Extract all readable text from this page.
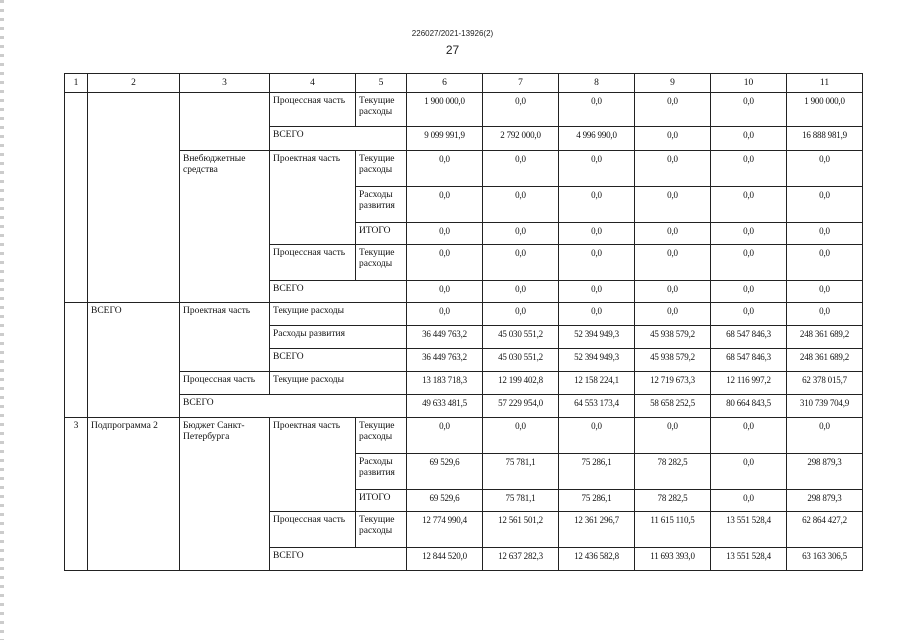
226027/2021-13926(2)
27
1	2	3	4	5	6	7	8	9	10	11
			Процессная часть	Текущие расходы	1 900 000,0	0,0	0,0	0,0	0,0	1 900 000,0
			ВСЕГО		9 099 991,9	2 792 000,0	4 996 990,0	0,0	0,0	16 888 981,9
		Внебюджетные средства	Проектная часть	Текущие расходы	0,0	0,0	0,0	0,0	0,0	0,0
				Расходы развития	0,0	0,0	0,0	0,0	0,0	0,0
				ИТОГО	0,0	0,0	0,0	0,0	0,0	0,0
			Процессная часть	Текущие расходы	0,0	0,0	0,0	0,0	0,0	0,0
			ВСЕГО		0,0	0,0	0,0	0,0	0,0	0,0
	ВСЕГО	Проектная часть	Текущие расходы		0,0	0,0	0,0	0,0	0,0	0,0
			Расходы развития		36 449 763,2	45 030 551,2	52 394 949,3	45 938 579,2	68 547 846,3	248 361 689,2
			ВСЕГО		36 449 763,2	45 030 551,2	52 394 949,3	45 938 579,2	68 547 846,3	248 361 689,2
		Процессная часть	Текущие расходы		13 183 718,3	12 199 402,8	12 158 224,1	12 719 673,3	12 116 997,2	62 378 015,7
		ВСЕГО			49 633 481,5	57 229 954,0	64 553 173,4	58 658 252,5	80 664 843,5	310 739 704,9
3	Подпрограмма 2	Бюджет Санкт-Петербурга	Проектная часть	Текущие расходы	0,0	0,0	0,0	0,0	0,0	0,0
				Расходы развития	69 529,6	75 781,1	75 286,1	78 282,5	0,0	298 879,3
				ИТОГО	69 529,6	75 781,1	75 286,1	78 282,5	0,0	298 879,3
			Процессная часть	Текущие расходы	12 774 990,4	12 561 501,2	12 361 296,7	11 615 110,5	13 551 528,4	62 864 427,2
			ВСЕГО		12 844 520,0	12 637 282,3	12 436 582,8	11 693 393,0	13 551 528,4	63 163 306,5
